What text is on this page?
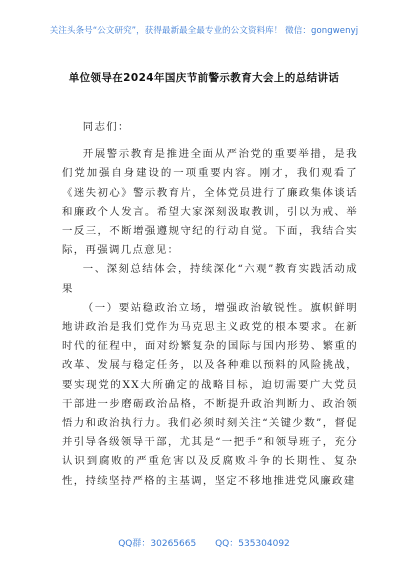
关注头条号“公文研究”，获得最新最全最专业的公文资料库！ 微信：gongwenyj
单位领导在2024年国庆节前警示教育大会上的总结讲话

同志们：

开展警示教育是推进全面从严治党的重要举措，是我们党加强自身建设的一项重要内容。刚才，我们观看了《迷失初心》警示教育片，全体党员进行了廉政集体谈话和廉政个人发言。希望大家深刻汲取教训，引以为戒、举一反三，不断增强遵规守纪的行动自觉。下面，我结合实际，再强调几点意见：

一、深刻总结体会，持续深化“六观”教育实践活动成果

（一）要站稳政治立场，增强政治敏锐性。旗帜鲜明地讲政治是我们党作为马克思主义政党的根本要求。在新时代的征程中，面对纷繁复杂的国际与国内形势、繁重的改革、发展与稳定任务，以及各种难以预料的风险挑战，要实现党的XX大所确定的战略目标，迫切需要广大党员干部进一步磨砺政治品格，不断提升政治判断力、政治领悟力和政治执行力。我们必须时刻关注“关键少数”，督促并引导各级领导干部，尤其是“一把手”和领导班子，充分认识到腐败的严重危害以及反腐败斗争的长期性、复杂性，持续坚持严格的主基调，坚定不移地推进党风廉政建

QQ群：30265665 QQ：535304092
